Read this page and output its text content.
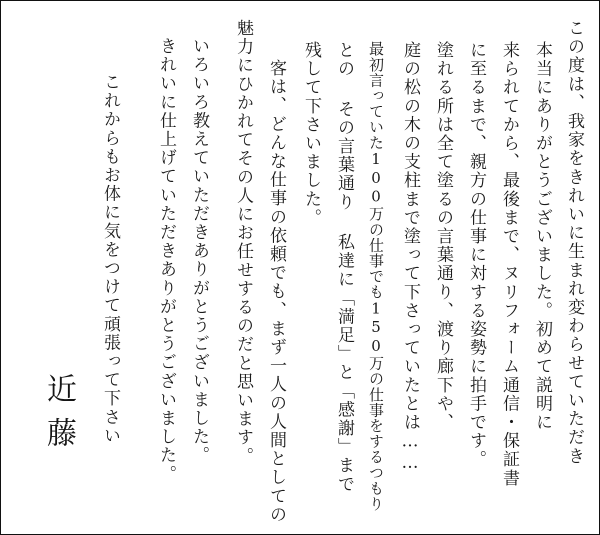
この度は、我家をきれいに生まれ変わらせていただき
本当にありがとうございました。初めて説明に
来られてから、最後まで、ヌリフォーム通信・保証書
に至るまで、親方の仕事に対する姿勢に拍手です。
塗れる所は全て塗るの言葉通り、渡り廊下や、
庭の松の木の支柱まで塗って下さっていたとは……
最初言っていた100万の仕事でも150万の仕事をするつもり
との その言葉通り 私達に「満足」と「感謝」まで
残して下さいました。
客は、どんな仕事の依頼でも、まず一人の人間としての
魅力にひかれてその人にお任せするのだと思います。
いろいろ教えていただきありがとうございました。
きれいに仕上げていただきありがとうございました。
これからもお体に気をつけて頑張って下さい
近藤
